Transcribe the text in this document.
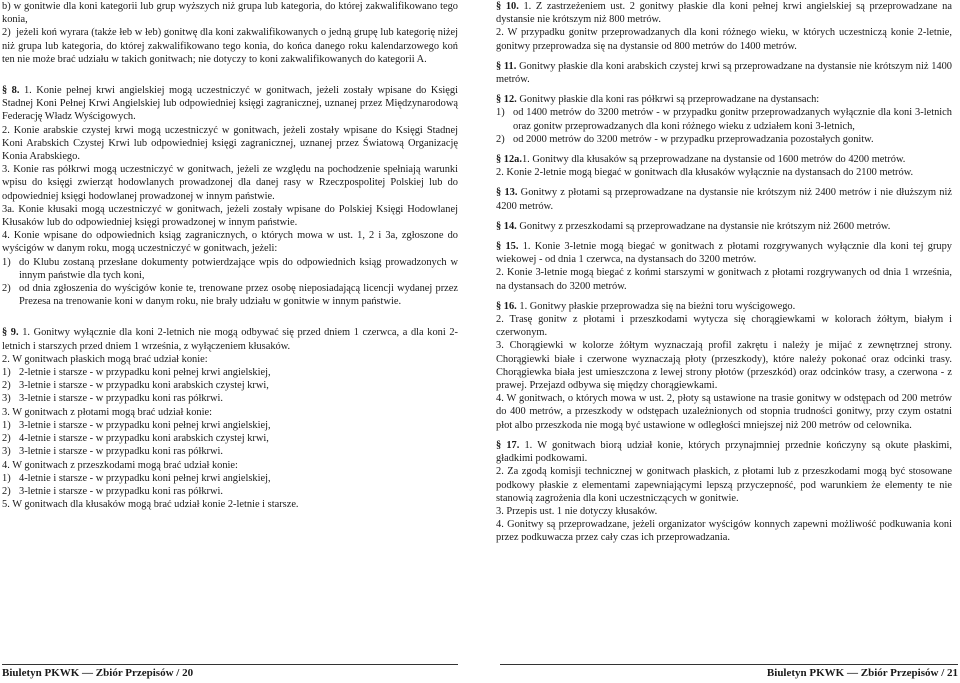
b) w gonitwie dla koni kategorii lub grup wyższych niż grupa lub kategoria, do której zakwalifikowano tego konia,

2)  jeżeli koń wyrara (także łeb w łeb) gonitwę dla koni zakwalifikowanych o jedną grupę lub kategorię niżej niż grupa lub kategoria, do której zakwalifikowano tego konia, do końca danego roku kalendarzowego koń ten nie może brać udziału w takich gonitwach; nie dotyczy to koni zakwalifikowanych do kategorii A.

§ 8. 1. Konie pełnej krwi angielskiej mogą uczestniczyć w gonitwach, jeżeli zostały wpisane do Księgi Stadnej Koni Pełnej Krwi Angielskiej lub odpowiedniej księgi zagranicznej, uznanej przez Międzynarodową Federację Władz Wyścigowych.

2. Konie arabskie czystej krwi mogą uczestniczyć w gonitwach, jeżeli zostały wpisane do Księgi Stadnej Koni Arabskich Czystej Krwi lub odpowiedniej księgi zagranicznej, uznanej przez Światową Organizację Konia Arabskiego.

3. Konie ras półkrwi mogą uczestniczyć w gonitwach, jeżeli ze względu na pochodzenie spełniają warunki wpisu do księgi zwierząt hodowlanych prowadzonej dla danej rasy w Rzeczpospolitej Polskiej lub do odpowiedniej księgi hodowlanej prowadzonej w innym państwie.

3a. Konie kłusaki mogą uczestniczyć w gonitwach, jeżeli zostały wpisane do Polskiej Księgi Hodowlanej Kłusaków lub do odpowiedniej księgi prowadzonej w innym państwie.

4. Konie wpisane do odpowiednich ksiąg zagranicznych, o których mowa w ust. 1, 2 i 3a, zgłoszone do wyścigów w danym roku, mogą uczestniczyć w gonitwach, jeżeli:

1) do Klubu zostaną przesłane dokumenty potwierdzające wpis do odpowiednich ksiąg prowadzonych w innym państwie dla tych koni,
2) od dnia zgłoszenia do wyścigów konie te, trenowane przez osobę nieposiadającą licencji wydanej przez Prezesa na trenowanie koni w danym roku, nie brały udziału w gonitwie w innym państwie.

§ 9. 1. Gonitwy wyłącznie dla koni 2-letnich nie mogą odbywać się przed dniem 1 czerwca, a dla koni 2-letnich i starszych przed dniem 1 września, z wyłączeniem kłusaków.

2. W gonitwach płaskich mogą brać udział konie:

1) 2-letnie i starsze - w przypadku koni pełnej krwi angielskiej,
2) 3-letnie i starsze - w przypadku koni arabskich czystej krwi,
3) 3-letnie i starsze - w przypadku koni ras półkrwi.

3. W gonitwach z płotami mogą brać udział konie:

1) 3-letnie i starsze - w przypadku koni pełnej krwi angielskiej,
2) 4-letnie i starsze - w przypadku koni arabskich czystej krwi,
3) 3-letnie i starsze - w przypadku koni ras półkrwi.

4. W gonitwach z przeszkodami mogą brać udział konie:

1) 4-letnie i starsze - w przypadku koni pełnej krwi angielskiej,
2) 3-letnie i starsze - w przypadku koni ras półkrwi.

5. W gonitwach dla kłusaków mogą brać udział konie 2-letnie i starsze.

§ 10. 1. Z zastrzeżeniem ust. 2 gonitwy płaskie dla koni pełnej krwi angielskiej są przeprowadzane na dystansie nie krótszym niż 800 metrów.

2. W przypadku gonitw przeprowadzanych dla koni różnego wieku, w których uczestniczą konie 2-letnie, gonitwy przeprowadza się na dystansie od 800 metrów do 1400 metrów.

§ 11. Gonitwy płaskie dla koni arabskich czystej krwi są przeprowadzane na dystansie nie krótszym niż 1400 metrów.

§ 12. Gonitwy płaskie dla koni ras półkrwi są przeprowadzane na dystansach:

1) od 1400 metrów do 3200 metrów - w przypadku gonitw przeprowadzanych wyłącznie dla koni 3-letnich oraz gonitw przeprowadzanych dla koni różnego wieku z udziałem koni 3-letnich,
2) od 2000 metrów do 3200 metrów - w przypadku przeprowadzania pozostałych gonitw.

§ 12a.1. Gonitwy dla kłusaków są przeprowadzane na dystansie od 1600 metrów do 4200 metrów.

2. Konie 2-letnie mogą biegać w gonitwach dla kłusaków wyłącznie na dystansach do 2100 metrów.

§ 13. Gonitwy z płotami są przeprowadzane na dystansie nie krótszym niż 2400 metrów i nie dłuższym niż 4200 metrów.

§ 14. Gonitwy z przeszkodami są przeprowadzane na dystansie nie krótszym niż 2600 metrów.

§ 15. 1. Konie 3-letnie mogą biegać w gonitwach z płotami rozgrywanych wyłącznie dla koni tej grupy wiekowej - od dnia 1 czerwca, na dystansach do 3200 metrów.

2. Konie 3-letnie mogą biegać z końmi starszymi w gonitwach z płotami rozgrywanych od dnia 1 września, na dystansach do 3200 metrów.

§ 16. 1. Gonitwy płaskie przeprowadza się na bieżni toru wyścigowego.

2. Trasę gonitw z płotami i przeszkodami wytycza się chorągiewkami w kolorach żółtym, białym i czerwonym.

3. Chorągiewki w kolorze żółtym wyznaczają profil zakrętu i należy je mijać z zewnętrznej strony. Chorągiewki białe i czerwone wyznaczają płoty (przeszkody), które należy pokonać oraz odcinki trasy. Chorągiewka biała jest umieszczona z lewej strony płotów (przeszkód) oraz odcinków trasy, a czerwona - z prawej. Przejazd odbywa się między chorągiewkami.

4. W gonitwach, o których mowa w ust. 2, płoty są ustawione na trasie gonitwy w odstępach od 200 metrów do 400 metrów, a przeszkody w odstępach uzależnionych od stopnia trudności gonitwy, przy czym ostatni płot albo przeszkoda nie mogą być ustawione w odległości mniejszej niż 200 metrów od celownika.

§ 17. 1. W gonitwach biorą udział konie, których przynajmniej przednie kończyny są okute płaskimi, gładkimi podkowami.

2. Za zgodą komisji technicznej w gonitwach płaskich, z płotami lub z przeszkodami mogą być stosowane podkowy płaskie z elementami zapewniającymi lepszą przyczepność, pod warunkiem że elementy te nie stanowią zagrożenia dla koni uczestniczących w gonitwie.

3. Przepis ust. 1 nie dotyczy kłusaków.

4. Gonitwy są przeprowadzane, jeżeli organizator wyścigów konnych zapewni możliwość podkuwania koni przez podkuwacza przez cały czas ich przeprowadzania.

Biuletyn PKWK — Zbiór Przepisów / 20	Biuletyn PKWK — Zbiór Przepisów / 21
